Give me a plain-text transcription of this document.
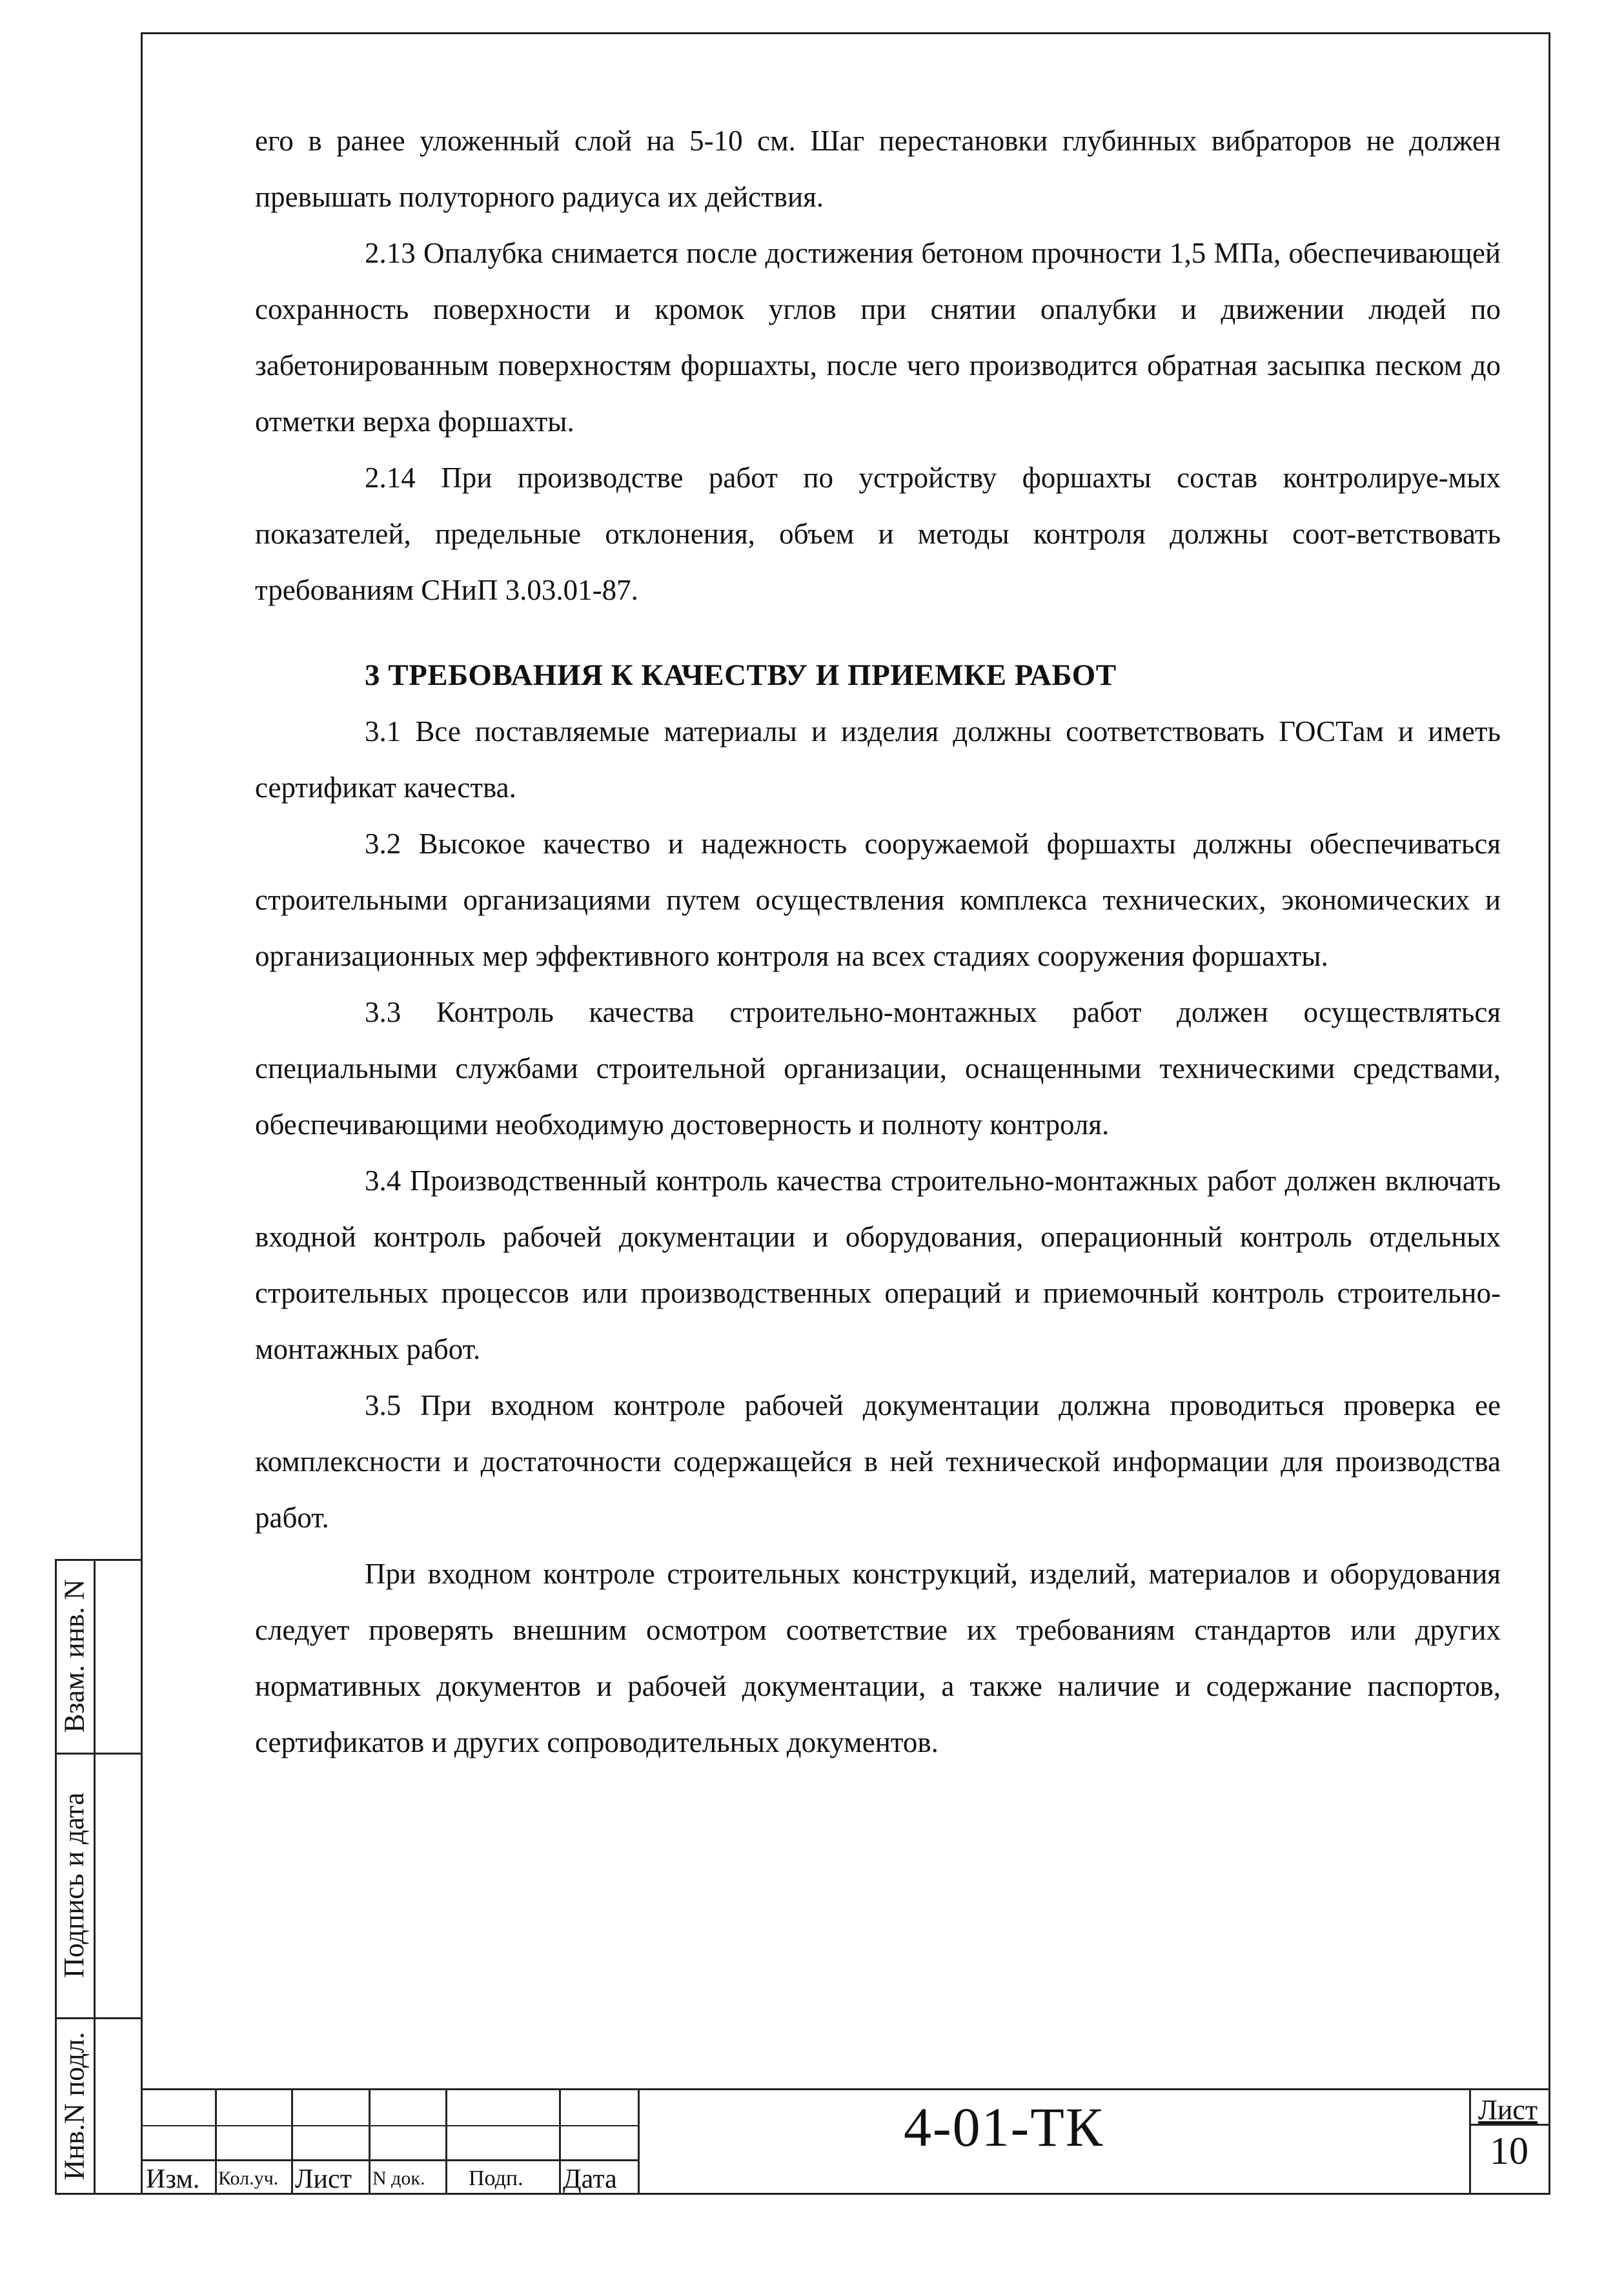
его в ранее уложенный слой на 5-10 см. Шаг перестановки глубинных вибраторов не должен превышать полуторного радиуса их действия.

2.13 Опалубка снимается после достижения бетоном прочности 1,5 МПа, обеспечивающей сохранность поверхности и кромок углов при снятии опалубки и движении людей по забетонированным поверхностям форшахты, после чего производится обратная засыпка песком до отметки верха форшахты.

2.14 При производстве работ по устройству форшахты состав контролируе-мых показателей, предельные отклонения, объем и методы контроля должны соот-ветствовать требованиям СНиП 3.03.01-87.

3 ТРЕБОВАНИЯ К КАЧЕСТВУ И ПРИЕМКЕ РАБОТ

3.1 Все поставляемые материалы и изделия должны соответствовать ГОСТам и иметь сертификат качества.

3.2 Высокое качество и надежность сооружаемой форшахты должны обеспечиваться строительными организациями путем осуществления комплекса технических, экономических и организационных мер эффективного контроля на всех стадиях сооружения форшахты.

3.3 Контроль качества строительно-монтажных работ должен осуществляться специальными службами строительной организации, оснащенными техническими средствами, обеспечивающими необходимую достоверность и полноту контроля.

3.4 Производственный контроль качества строительно-монтажных работ должен включать входной контроль рабочей документации и оборудования, операционный контроль отдельных строительных процессов или производственных операций и приемочный контроль строительно-монтажных работ.

3.5 При входном контроле рабочей документации должна проводиться проверка ее комплексности и достаточности содержащейся в ней технической информации для производства работ.

При входном контроле строительных конструкций, изделий, материалов и оборудования следует проверять внешним осмотром соответствие их требованиям стандартов или других нормативных документов и рабочей документации, а также наличие и содержание паспортов, сертификатов и других сопроводительных документов.

Взам. инв. N
Подпись и дата
Инв.N подл. Изм. Кол.уч. Лист N док. Подп. Дата
4-01-ТК	Лист
10
